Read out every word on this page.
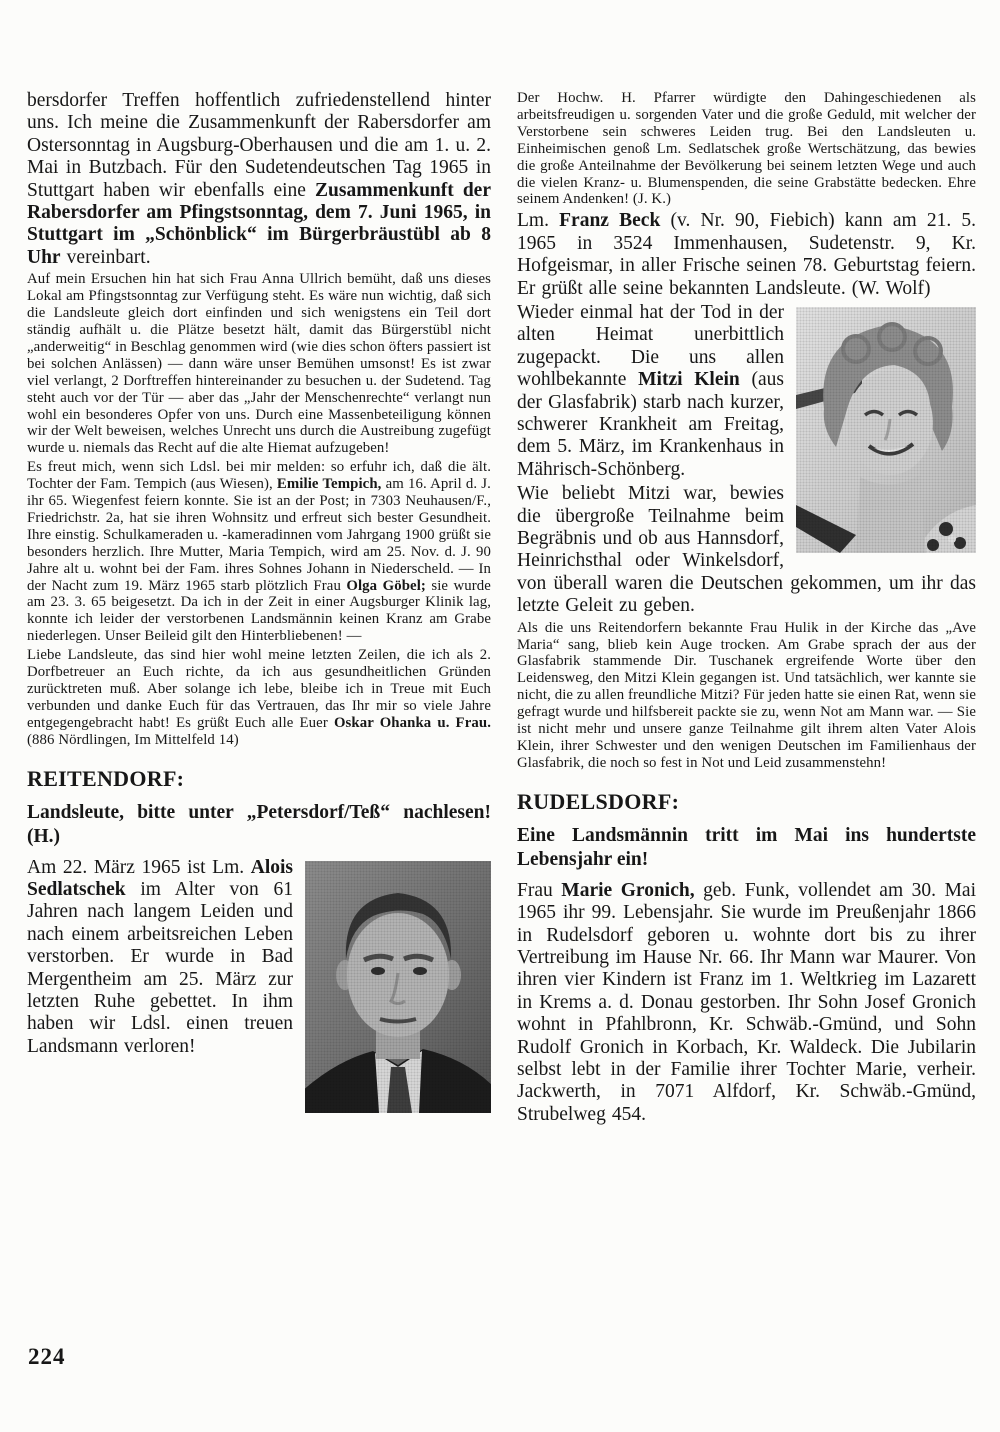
bersdorfer Treffen hoffentlich zufriedenstellend hinter uns. Ich meine die Zusammenkunft der Rabersdorfer am Ostersonntag in Augsburg-Oberhausen und die am 1. u. 2. Mai in Butzbach. Für den Sudetendeutschen Tag 1965 in Stuttgart haben wir ebenfalls eine Zusammenkunft der Rabersdorfer am Pfingstsonntag, dem 7. Juni 1965, in Stuttgart im „Schönblick“ im Bürgerbräustübl ab 8 Uhr vereinbart.

Auf mein Ersuchen hin hat sich Frau Anna Ullrich bemüht, daß uns dieses Lokal am Pfingstsonntag zur Verfügung steht. Es wäre nun wichtig, daß sich die Landsleute gleich dort einfinden und sich wenigstens ein Teil dort ständig aufhält u. die Plätze besetzt hält, damit das Bürgerstübl nicht „anderweitig“ in Beschlag genommen wird (wie dies schon öfters passiert ist bei solchen Anlässen) — dann wäre unser Bemühen umsonst! Es ist zwar viel verlangt, 2 Dorftreffen hintereinander zu besuchen u. der Sudetend. Tag steht auch vor der Tür — aber das „Jahr der Menschenrechte“ verlangt nun wohl ein besonderes Opfer von uns. Durch eine Massenbeteiligung können wir der Welt beweisen, welches Unrecht uns durch die Austreibung zugefügt wurde u. niemals das Recht auf die alte Hiemat aufzugeben!

Es freut mich, wenn sich Ldsl. bei mir melden: so erfuhr ich, daß die ält. Tochter der Fam. Tempich (aus Wiesen), Emilie Tempich, am 16. April d. J. ihr 65. Wiegenfest feiern konnte. Sie ist an der Post; in 7303 Neuhausen/F., Friedrichstr. 2a, hat sie ihren Wohnsitz und erfreut sich bester Gesundheit. Ihre einstig. Schulkameraden u. -kameradinnen vom Jahrgang 1900 grüßt sie besonders herzlich. Ihre Mutter, Maria Tempich, wird am 25. Nov. d. J. 90 Jahre alt u. wohnt bei der Fam. ihres Sohnes Johann in Niederscheld. — In der Nacht zum 19. März 1965 starb plötzlich Frau Olga Göbel; sie wurde am 23. 3. 65 beigesetzt. Da ich in der Zeit in einer Augsburger Klinik lag, konnte ich leider der verstorbenen Landsmännin keinen Kranz am Grabe niederlegen. Unser Beileid gilt den Hinterbliebenen! —

Liebe Landsleute, das sind hier wohl meine letzten Zeilen, die ich als 2. Dorfbetreuer an Euch richte, da ich aus gesundheitlichen Gründen zurücktreten muß. Aber solange ich lebe, bleibe ich in Treue mit Euch verbunden und danke Euch für das Vertrauen, das Ihr mir so viele Jahre entgegengebracht habt! Es grüßt Euch alle Euer Oskar Ohanka u. Frau. (886 Nördlingen, Im Mittelfeld 14)

REITENDORF:

Landsleute, bitte unter „Petersdorf/Teß“ nachlesen! (H.)

Am 22. März 1965 ist Lm. Alois Sedlatschek im Alter von 61 Jahren nach langem Leiden und nach einem arbeitsreichen Leben verstorben. Er wurde in Bad Mergentheim am 25. März zur letzten Ruhe gebettet. In ihm haben wir Ldsl. einen treuen Landsmann verloren!

Der Hochw. H. Pfarrer würdigte den Dahingeschiedenen als arbeitsfreudigen u. sorgenden Vater und die große Geduld, mit welcher der Verstorbene sein schweres Leiden trug. Bei den Landsleuten u. Einheimischen genoß Lm. Sedlatschek große Wertschätzung, das bewies die große Anteilnahme der Bevölkerung bei seinem letzten Wege und auch die vielen Kranz- u. Blumenspenden, die seine Grabstätte bedecken. Ehre seinem Andenken! (J. K.)

Lm. Franz Beck (v. Nr. 90, Fiebich) kann am 21. 5. 1965 in 3524 Immenhausen, Sudetenstr. 9, Kr. Hofgeismar, in aller Frische seinen 78. Geburtstag feiern. Er grüßt alle seine bekannten Landsleute. (W. Wolf)

Wieder einmal hat der Tod in der alten Heimat unerbittlich zugepackt. Die uns allen wohlbekannte Mitzi Klein (aus der Glasfabrik) starb nach kurzer, schwerer Krankheit am Freitag, dem 5. März, im Krankenhaus in Mährisch-Schönberg.

Wie beliebt Mitzi war, bewies die übergroße Teilnahme beim Begräbnis und ob aus Hannsdorf, Heinrichsthal oder Winkelsdorf, von überall waren die Deutschen gekommen, um ihr das letzte Geleit zu geben.

Als die uns Reitendorfern bekannte Frau Hulik in der Kirche das „Ave Maria“ sang, blieb kein Auge trocken. Am Grabe sprach der aus der Glasfabrik stammende Dir. Tuschanek ergreifende Worte über den Leidensweg, den Mitzi Klein gegangen ist. Und tatsächlich, wer kannte sie nicht, die zu allen freundliche Mitzi? Für jeden hatte sie einen Rat, wenn sie gefragt wurde und hilfsbereit packte sie zu, wenn Not am Mann war. — Sie ist nicht mehr und unsere ganze Teilnahme gilt ihrem alten Vater Alois Klein, ihrer Schwester und den wenigen Deutschen im Familienhaus der Glasfabrik, die noch so fest in Not und Leid zusammenstehn!

RUDELSDORF:

Eine Landsmännin tritt im Mai ins hundertste Lebensjahr ein!

Frau Marie Gronich, geb. Funk, vollendet am 30. Mai 1965 ihr 99. Lebensjahr. Sie wurde im Preußenjahr 1866 in Rudelsdorf geboren u. wohnte dort bis zu ihrer Vertreibung im Hause Nr. 66. Ihr Mann war Maurer. Von ihren vier Kindern ist Franz im 1. Weltkrieg im Lazarett in Krems a. d. Donau gestorben. Ihr Sohn Josef Gronich wohnt in Pfahlbronn, Kr. Schwäb.-Gmünd, und Sohn Rudolf Gronich in Korbach, Kr. Waldeck. Die Jubilarin selbst lebt in der Familie ihrer Tochter Marie, verheir. Jackwerth, in 7071 Alfdorf, Kr. Schwäb.-Gmünd, Strubelweg 454.

224
